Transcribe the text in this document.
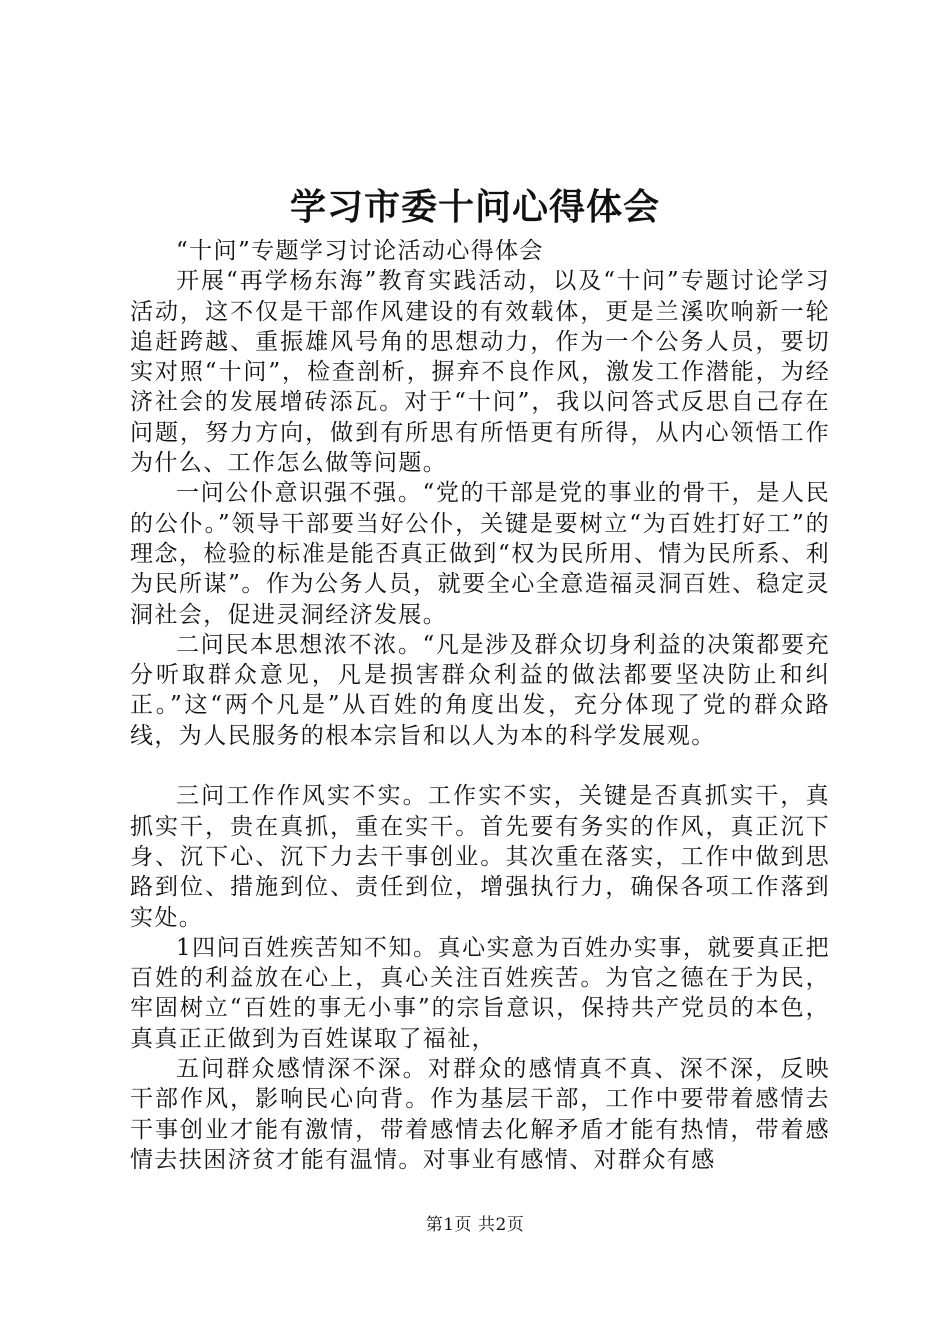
学习市委十问心得体会

“十问”专题学习讨论活动心得体会

开展“再学杨东海”教育实践活动，以及“十问”专题讨论学习活动，这不仅是干部作风建设的有效载体，更是兰溪吹响新一轮追赶跨越、重振雄风号角的思想动力，作为一个公务人员，要切实对照“十问”，检查剖析，摒弃不良作风，激发工作潜能，为经济社会的发展增砖添瓦。对于“十问”，我以问答式反思自己存在问题，努力方向，做到有所思有所悟更有所得，从内心领悟工作为什么、工作怎么做等问题。

一问公仆意识强不强。“党的干部是党的事业的骨干，是人民的公仆。”领导干部要当好公仆，关键是要树立“为百姓打好工”的理念，检验的标准是能否真正做到“权为民所用、情为民所系、利为民所谋”。作为公务人员，就要全心全意造福灵洞百姓、稳定灵洞社会，促进灵洞经济发展。

二问民本思想浓不浓。“凡是涉及群众切身利益的决策都要充分听取群众意见，凡是损害群众利益的做法都要坚决防止和纠正。”这“两个凡是”从百姓的角度出发，充分体现了党的群众路线，为人民服务的根本宗旨和以人为本的科学发展观。

三问工作作风实不实。工作实不实，关键是否真抓实干，真抓实干，贵在真抓，重在实干。首先要有务实的作风，真正沉下身、沉下心、沉下力去干事创业。其次重在落实，工作中做到思路到位、措施到位、责任到位，增强执行力，确保各项工作落到实处。

1四问百姓疾苦知不知。真心实意为百姓办实事，就要真正把百姓的利益放在心上，真心关注百姓疾苦。为官之德在于为民，牢固树立“百姓的事无小事”的宗旨意识，保持共产党员的本色，真真正正做到为百姓谋取了福祉，

五问群众感情深不深。对群众的感情真不真、深不深，反映干部作风，影响民心向背。作为基层干部，工作中要带着感情去干事创业才能有激情，带着感情去化解矛盾才能有热情，带着感情去扶困济贫才能有温情。对事业有感情、对群众有感

第1页 共2页
